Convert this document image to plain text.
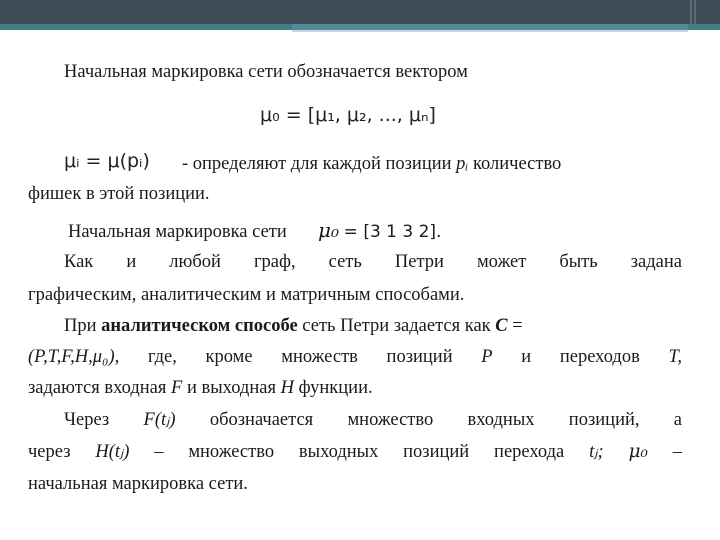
Начальная маркировка сети обозначается вектором
μ₀ = [μ₁, μ₂, ..., μₙ]
μᵢ = μ(pᵢ) - определяют для каждой позиции pᵢ количество
фишек в этой позиции.
Начальная маркировка сети μ₀ = [3 1 3 2].
Как и любой граф, сеть Петри может быть задана
графическим, аналитическим и матричным способами.
При аналитическом способе сеть Петри задается как C =
(P,T,F,H,μ₀), где, кроме множеств позиций P и переходов T,
задаются входная F и выходная H функции.
Через F(tⱼ) обозначается множество входных позиций, а
через H(tⱼ) – множество выходных позиций перехода tⱼ; μ₀ –
начальная маркировка сети.
